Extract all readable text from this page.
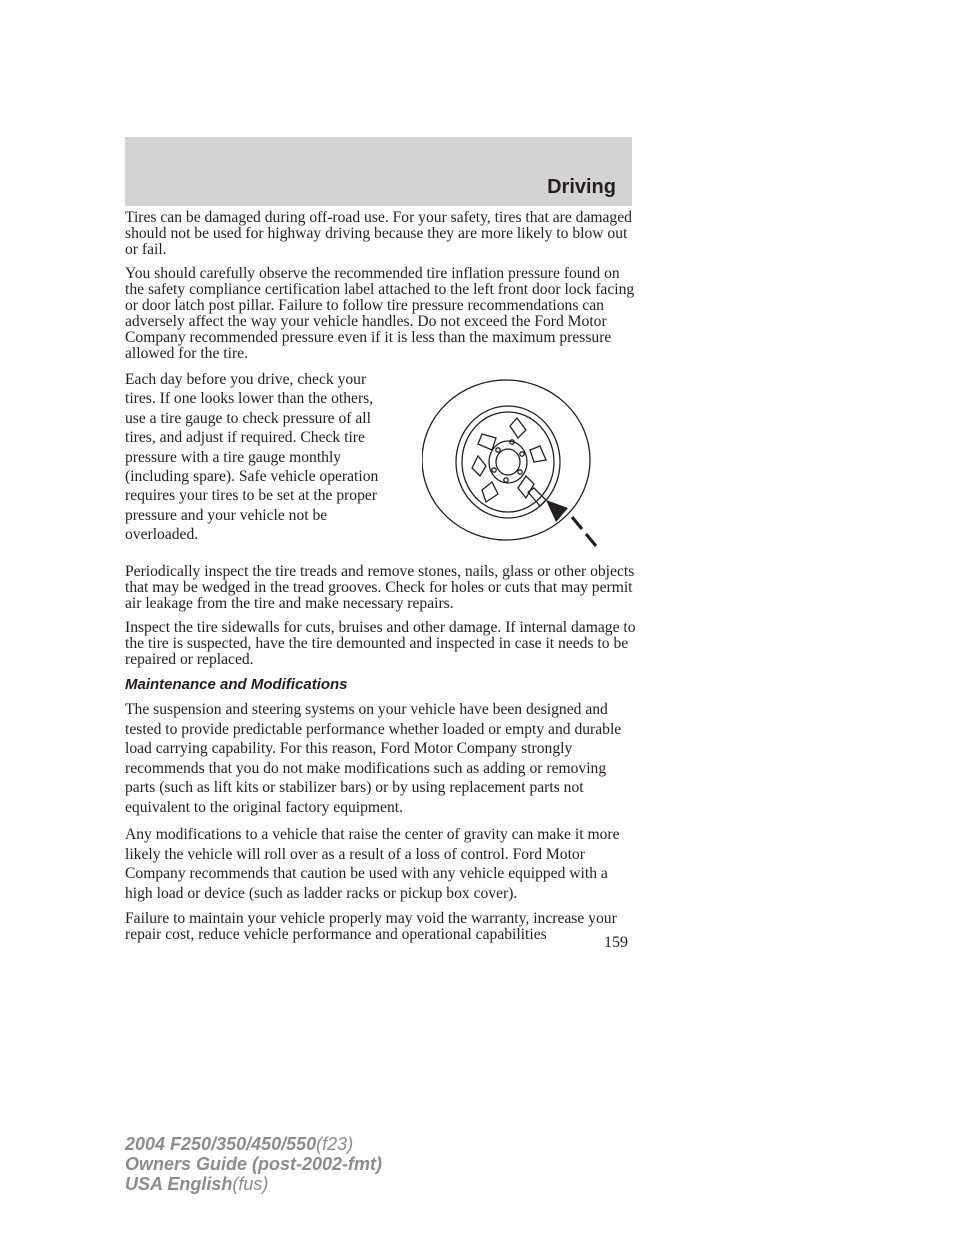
Driving

Tires can be damaged during off-road use. For your safety, tires that are damaged should not be used for highway driving because they are more likely to blow out or fail.

You should carefully observe the recommended tire inflation pressure found on the safety compliance certification label attached to the left front door lock facing or door latch post pillar. Failure to follow tire pressure recommendations can adversely affect the way your vehicle handles. Do not exceed the Ford Motor Company recommended pressure even if it is less than the maximum pressure allowed for the tire.

Each day before you drive, check your tires. If one looks lower than the others, use a tire gauge to check pressure of all tires, and adjust if required. Check tire pressure with a tire gauge monthly (including spare). Safe vehicle operation requires your tires to be set at the proper pressure and your vehicle not be overloaded.

Periodically inspect the tire treads and remove stones, nails, glass or other objects that may be wedged in the tread grooves. Check for holes or cuts that may permit air leakage from the tire and make necessary repairs.

Inspect the tire sidewalls for cuts, bruises and other damage. If internal damage to the tire is suspected, have the tire demounted and inspected in case it needs to be repaired or replaced.

Maintenance and Modifications

The suspension and steering systems on your vehicle have been designed and tested to provide predictable performance whether loaded or empty and durable load carrying capability. For this reason, Ford Motor Company strongly recommends that you do not make modifications such as adding or removing parts (such as lift kits or stabilizer bars) or by using replacement parts not equivalent to the original factory equipment.

Any modifications to a vehicle that raise the center of gravity can make it more likely the vehicle will roll over as a result of a loss of control. Ford Motor Company recommends that caution be used with any vehicle equipped with a high load or device (such as ladder racks or pickup box cover).

Failure to maintain your vehicle properly may void the warranty, increase your repair cost, reduce vehicle performance and operational capabilities	159

2004 F250/350/450/550(f23)
Owners Guide (post-2002-fmt)
USA English(fus)
